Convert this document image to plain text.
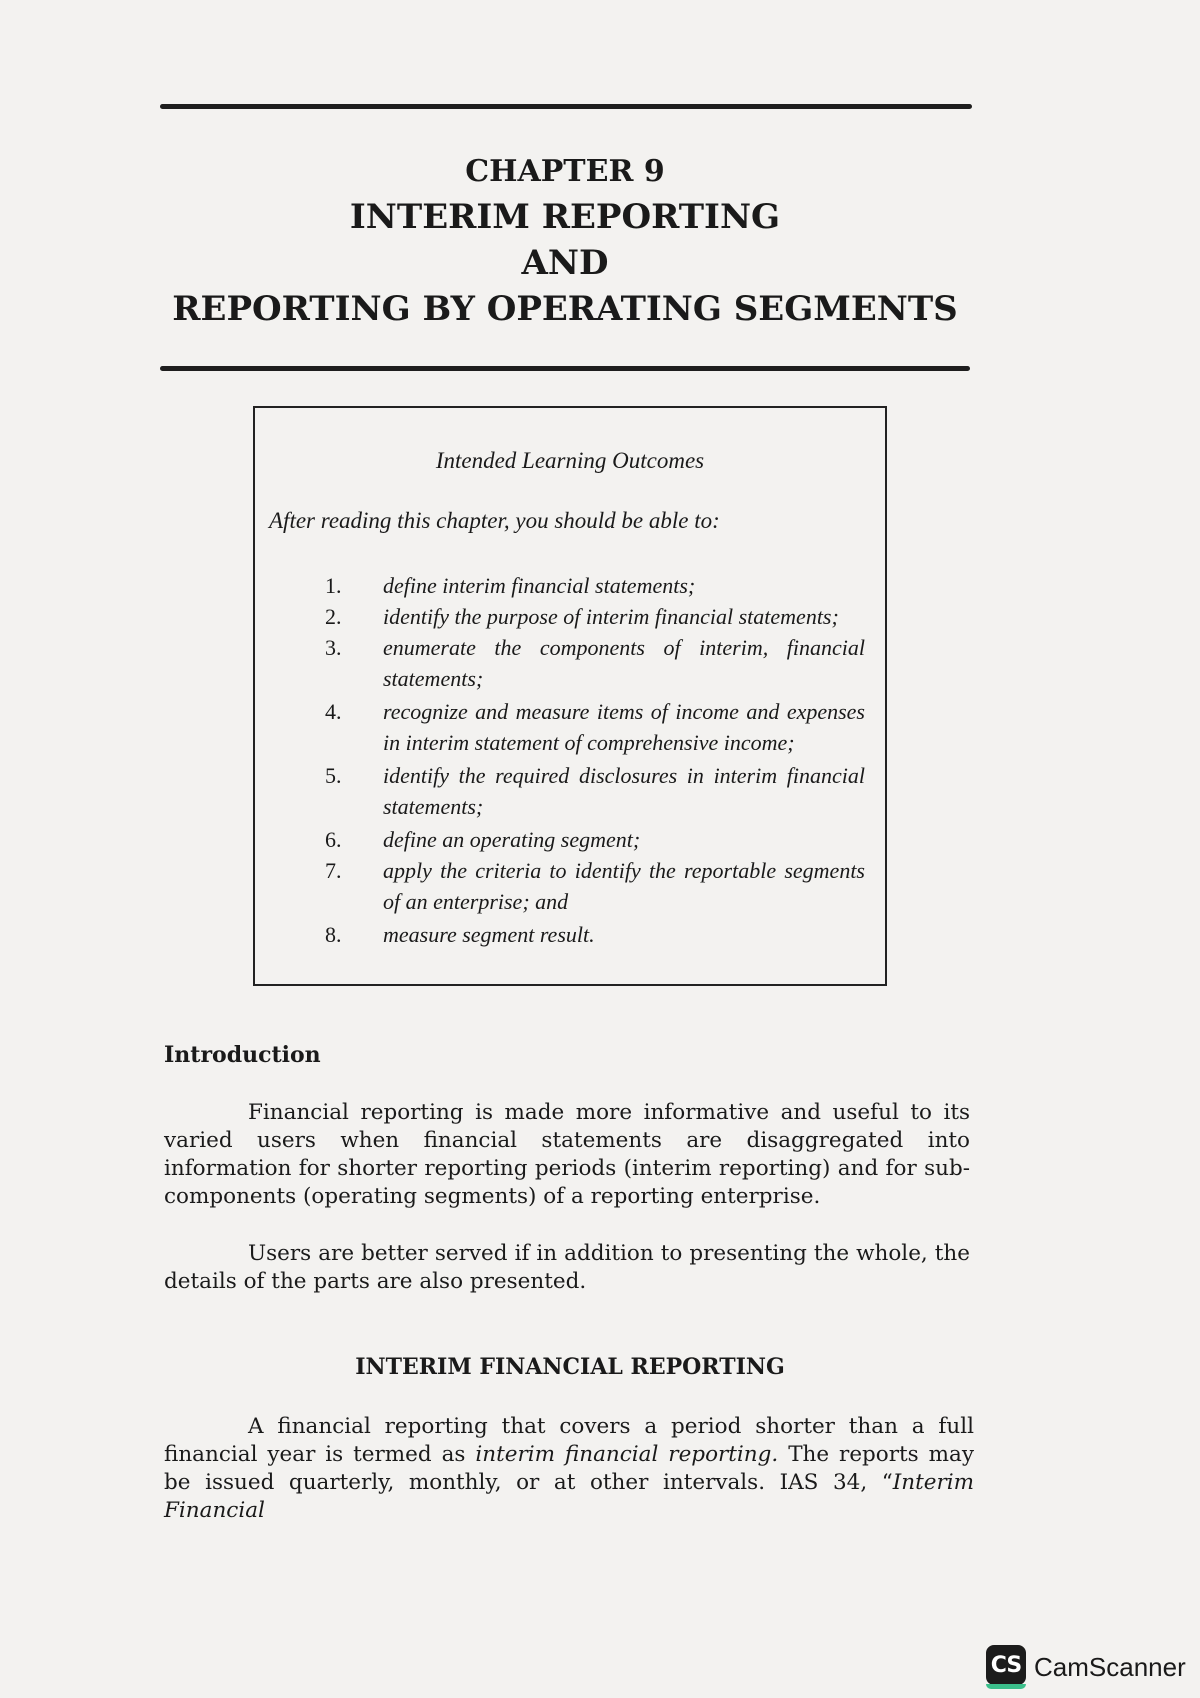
CHAPTER 9
INTERIM REPORTING
AND
REPORTING BY OPERATING SEGMENTS
Intended Learning Outcomes
After reading this chapter, you should be able to:
1.	define interim financial statements;
2.	identify the purpose of interim financial statements;
3.	enumerate the components of interim, financial statements;
4.	recognize and measure items of income and expenses in interim statement of comprehensive income;
5.	identify the required disclosures in interim financial statements;
6.	define an operating segment;
7.	apply the criteria to identify the reportable segments of an enterprise; and
8.	measure segment result.
Introduction
Financial reporting is made more informative and useful to its varied users when financial statements are disaggregated into information for shorter reporting periods (interim reporting) and for sub-components (operating segments) of a reporting enterprise.
Users are better served if in addition to presenting the whole, the details of the parts are also presented.
INTERIM FINANCIAL REPORTING
A financial reporting that covers a period shorter than a full financial year is termed as interim financial reporting. The reports may be issued quarterly, monthly, or at other intervals. IAS 34, “Interim Financial
CS CamScanner
